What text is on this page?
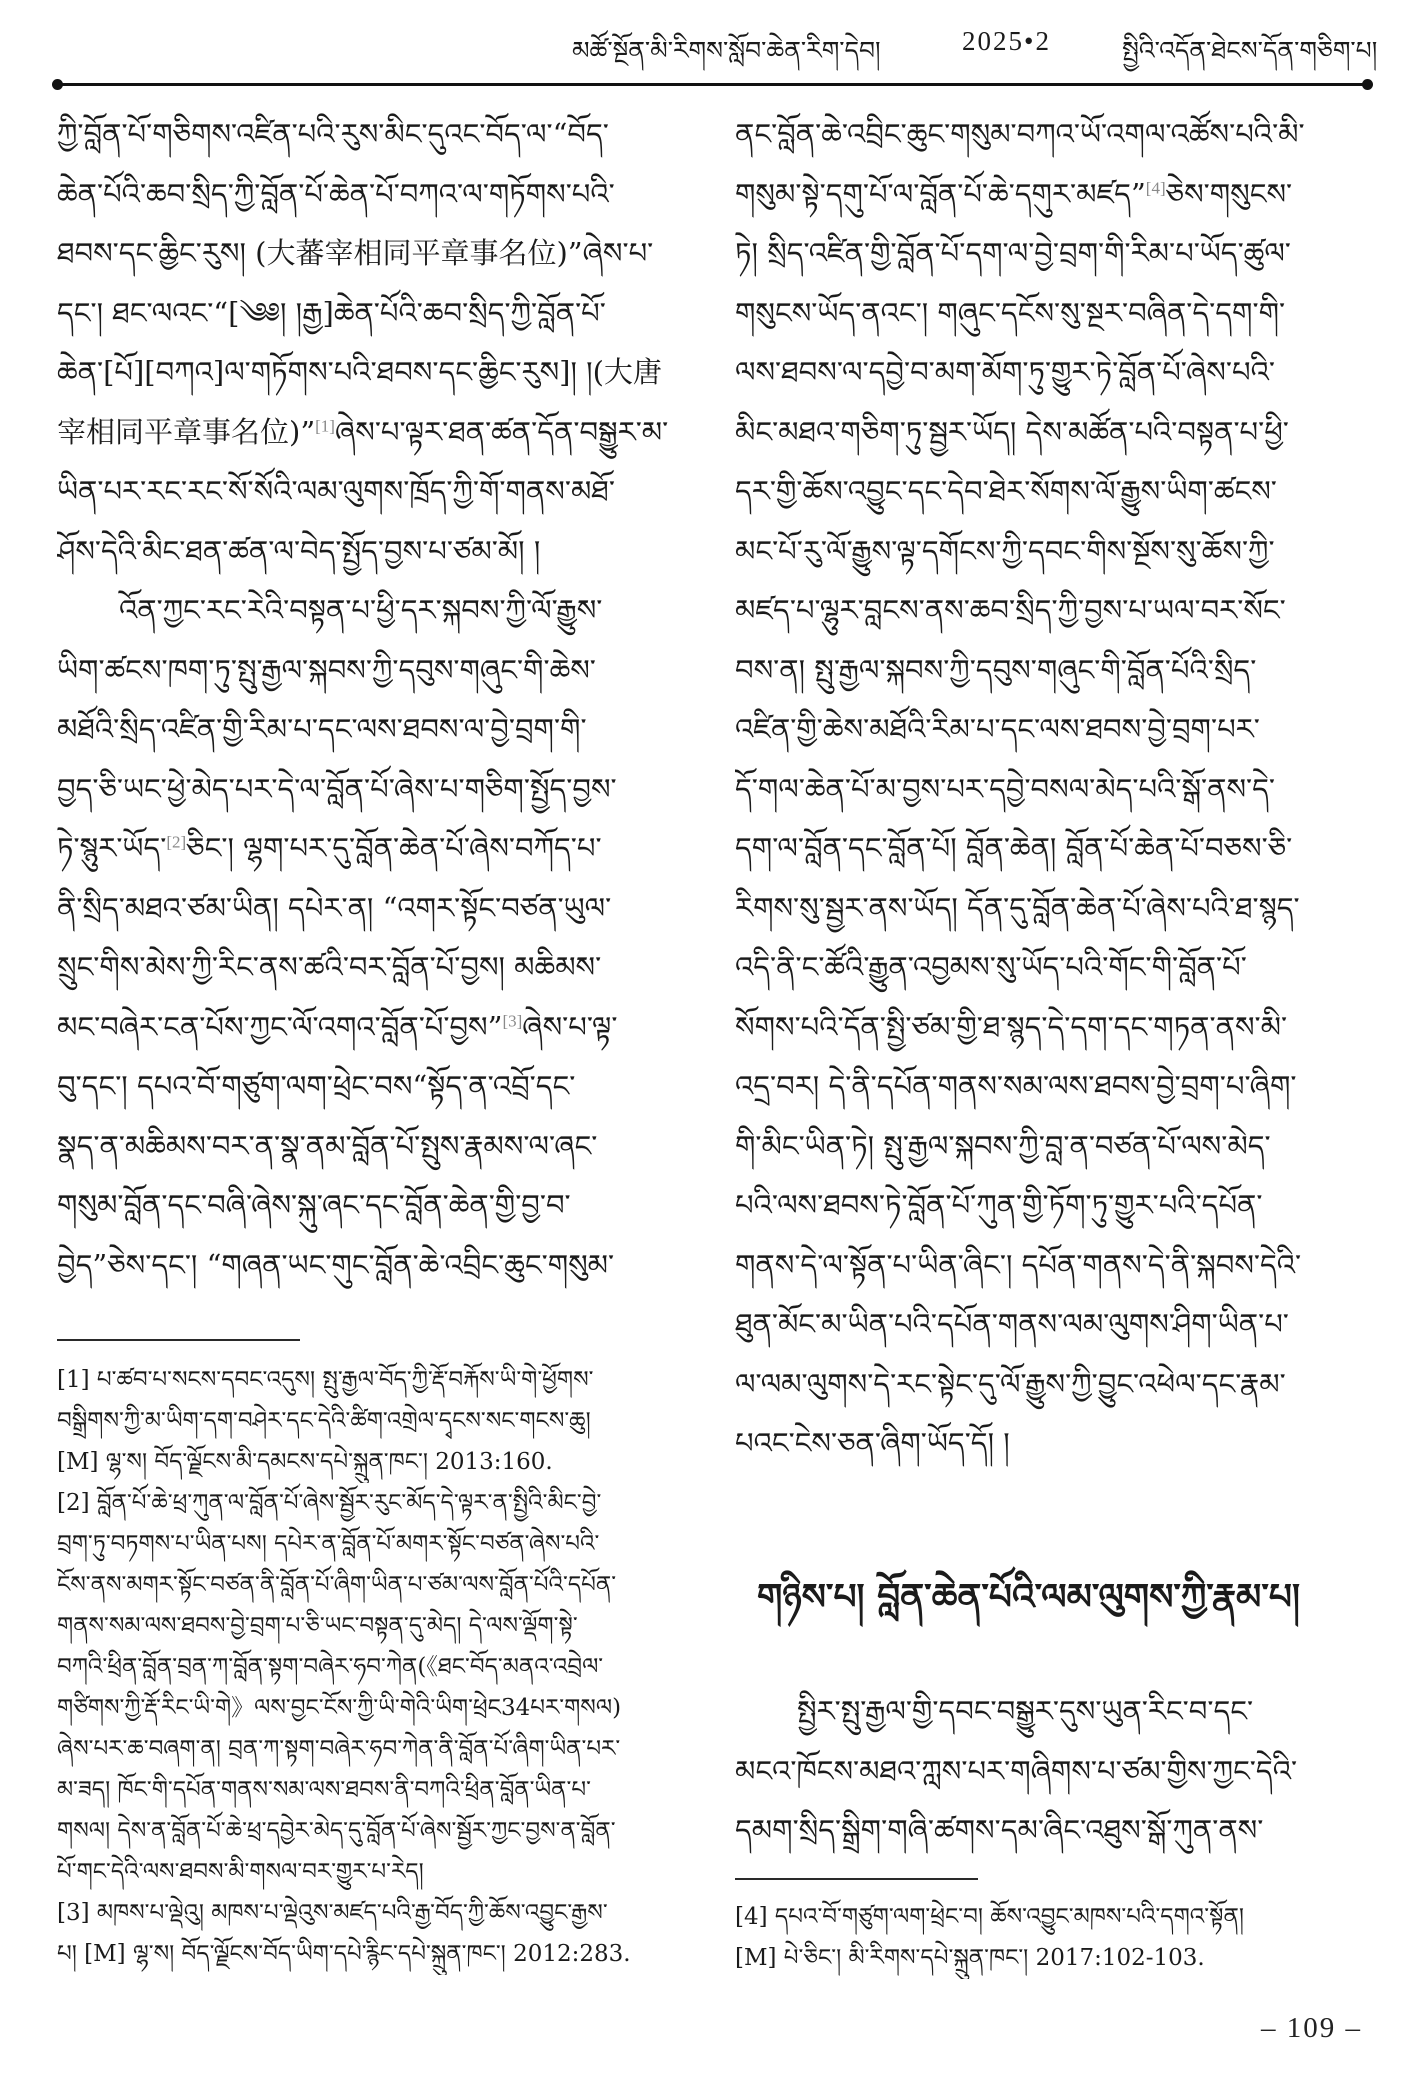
མཚོ་སྔོན་མི་རིགས་སློབ་ཆེན་རིག་དེབ།	2025•2	སྤྱིའི་འདོན་ཐེངས་དོན་གཅིག་པ།
ཀྱི་བློན་པོ་གཅིགས་འཛིན་པའི་རུས་མིང་དུའང་བོད་ལ་“བོད་
ཆེན་པོའི་ཆབ་སྲིད་ཀྱི་བློན་པོ་ཆེན་པོ་བཀའ་ལ་གཏོགས་པའི་
ཐབས་དང་ཆྱིང་རུས། (大蕃宰相同平章事名位)”ཞེས་པ་
དང་། ཐང་ལའང་“[༄༅། །རྒྱ]ཆེན་པོའི་ཆབ་སྲིད་ཀྱི་བློན་པོ་
ཆེན་[པོ][བཀའ]ལ་གཏོགས་པའི་ཐབས་དང་ཆྱིང་རུས]། །(大唐
宰相同平章事名位)”[1]ཞེས་པ་ལྟར་ཐན་ཚན་དོན་བསྒྱུར་མ་
ཡིན་པར་རང་རང་སོ་སོའི་ལམ་ལུགས་ཁྲོད་ཀྱི་གོ་གནས་མཐོ་
ཤོས་དེའི་མིང་ཐན་ཚན་ལ་བེད་སྤྱོད་བྱས་པ་ཙམ་མོ། །
འོན་ཀྱང་རང་རེའི་བསྟན་པ་ཕྱི་དར་སྐབས་ཀྱི་ལོ་རྒྱུས་
ཡིག་ཚངས་ཁག་ཏུ་སྤུ་རྒྱལ་སྐབས་ཀྱི་དབུས་གཞུང་གི་ཆེས་
མཐོའི་སྲིད་འཛིན་གྱི་རིམ་པ་དང་ལས་ཐབས་ལ་བྱེ་བྲག་གི་
བྱད་ཅི་ཡང་ཕྱེ་མེད་པར་དེ་ལ་བློན་པོ་ཞེས་པ་གཅིག་སྤྱོད་བྱས་
ཏེ་སྙུར་ཡོད་[2]ཅིང་། ལྷག་པར་དུ་བློན་ཆེན་པོ་ཞེས་བཀོད་པ་
ནི་སྲིད་མཐའ་ཙམ་ཡིན། དཔེར་ན། “འགར་སྟོང་བཙན་ཡུལ་
སྲུང་གིས་མེས་ཀྱི་རིང་ནས་ཚའི་བར་བློན་པོ་བྱས། མཆིམས་
མང་བཞེར་ངན་པོས་ཀྱང་ལོ་འགའ་བློན་པོ་བྱས”[3]ཞེས་པ་ལྟ་
བུ་དང་། དཔའ་བོ་གཙུག་ལག་ཕྲེང་བས“སྟོད་ན་འབྲོ་དང་
སྣད་ན་མཆིམས་བར་ན་སྣ་ནམ་བློན་པོ་སྤུས་རྣམས་ལ་ཞང་
གསུམ་བློན་དང་བཞི་ཞེས་སྐུ་ཞང་དང་བློན་ཆེན་གྱི་བྱ་བ་
བྱེད”ཅེས་དང་། “གཞན་ཡང་གུང་བློན་ཆེ་འབྲིང་ཆུང་གསུམ་
ནང་བློན་ཆེ་འབྲིང་ཆུང་གསུམ་བཀའ་ཡོ་འགལ་འཚོས་པའི་མི་
གསུམ་སྟེ་དགུ་པོ་ལ་བློན་པོ་ཆེ་དགུར་མཛད”[4]ཅེས་གསུངས་
ཏེ། སྲིད་འཛིན་གྱི་བློན་པོ་དག་ལ་བྱེ་བྲག་གི་རིམ་པ་ཡོད་ཚུལ་
གསུངས་ཡོད་ནའང་། གཞུང་དངོས་སུ་སྔར་བཞིན་དེ་དག་གི་
ལས་ཐབས་ལ་དབྱེ་བ་མག་མོག་ཏུ་གྱུར་ཏེ་བློན་པོ་ཞེས་པའི་
མིང་མཐའ་གཅིག་ཏུ་སྦྱར་ཡོད། དེས་མཚོན་པའི་བསྟན་པ་ཕྱི་
དར་གྱི་ཆོས་འབྱུང་དང་དེབ་ཐེར་སོགས་ལོ་རྒྱུས་ཡིག་ཚངས་
མང་པོ་རུ་ལོ་རྒྱུས་ལྟ་དགོངས་ཀྱི་དབང་གིས་སྔོས་སུ་ཆོས་ཀྱི་
མཛད་པ་ལྷུར་བླངས་ནས་ཆབ་སྲིད་ཀྱི་བྱས་པ་ཡལ་བར་སོང་
བས་ན། སྤུ་རྒྱལ་སྐབས་ཀྱི་དབུས་གཞུང་གི་བློན་པོའི་སྲིད་
འཛིན་གྱི་ཆེས་མཐོའི་རིམ་པ་དང་ལས་ཐབས་བྱེ་བྲག་པར་
དོ་གལ་ཆེན་པོ་མ་བྱས་པར་དབྱེ་བསལ་མེད་པའི་སྒོ་ནས་དེ་
དག་ལ་བློན་དང་བློན་པོ། བློན་ཆེན། བློན་པོ་ཆེན་པོ་བཅས་ཅི་
རིགས་སུ་སྦྱར་ནས་ཡོད། དོན་དུ་བློན་ཆེན་པོ་ཞེས་པའི་ཐ་སྙད་
འདི་ནི་ང་ཚོའི་རྒྱུན་འབྱམས་སུ་ཡོད་པའི་གོང་གི་བློན་པོ་
སོགས་པའི་དོན་སྤྱི་ཙམ་གྱི་ཐ་སྙད་དེ་དག་དང་གཏན་ནས་མི་
འདྲ་བར། དེ་ནི་དཔོན་གནས་སམ་ལས་ཐབས་བྱེ་བྲག་པ་ཞིག་
གི་མིང་ཡིན་ཏེ། སྤུ་རྒྱལ་སྐབས་ཀྱི་བླ་ན་བཙན་པོ་ལས་མེད་
པའི་ལས་ཐབས་ཏེ་བློན་པོ་ཀུན་གྱི་ཏོག་ཏུ་གྱུར་པའི་དཔོན་
གནས་དེ་ལ་སྟོན་པ་ཡིན་ཞིང་། དཔོན་གནས་དེ་ནི་སྐབས་དེའི་
ཐུན་མོང་མ་ཡིན་པའི་དཔོན་གནས་ལམ་ལུགས་ཤིག་ཡིན་པ་
ལ་ལམ་ལུགས་དེ་རང་སྟེང་དུ་ལོ་རྒྱུས་ཀྱི་བྱུང་འཕེལ་དང་རྣམ་
པའང་ངེས་ཅན་ཞིག་ཡོད་དོ། །
གཉིས་པ། བློན་ཆེན་པོའི་ལམ་ལུགས་ཀྱི་རྣམ་པ།
སྤྱིར་སྤུ་རྒྱལ་གྱི་དབང་བསྒྱུར་དུས་ཡུན་རིང་བ་དང་
མངའ་ཁོངས་མཐའ་ཀླས་པར་གཞིགས་པ་ཙམ་གྱིས་ཀྱང་དེའི་
དམག་སྲིད་སྒྲིག་གཞི་ཚགས་དམ་ཞིང་འཐུས་སྒོ་ཀུན་ནས་
[1] པ་ཚབ་པ་སངས་དབང་འདུས། སྤུ་རྒྱལ་བོད་ཀྱི་རྡོ་བརྐོས་ཡི་གེ་ཕྱོགས་
བསྒྲིགས་ཀྱི་མ་ཡིག་དག་བཤེར་དང་དེའི་ཚིག་འགྲེལ་དྭངས་སང་གངས་ཆུ།
[M] ལྷ་ས། བོད་ལྗོངས་མི་དམངས་དཔེ་སྐྲུན་ཁང་། 2013:160.
[2] བློན་པོ་ཆེ་ཕྲ་ཀུན་ལ་བློན་པོ་ཞེས་སྦྱོར་རུང་མོད་དེ་ལྟར་ན་སྤྱིའི་མིང་བྱེ་
བྲག་ཏུ་བཏགས་པ་ཡིན་པས། དཔེར་ན་བློན་པོ་མགར་སྟོང་བཙན་ཞེས་པའི་
ངོས་ནས་མགར་སྟོང་བཙན་ནི་བློན་པོ་ཞིག་ཡིན་པ་ཙམ་ལས་བློན་པོའི་དཔོན་
གནས་སམ་ལས་ཐབས་བྱེ་བྲག་པ་ཅི་ཡང་བསྟན་དུ་མེད། དེ་ལས་ལྡོག་སྟེ་
བཀའི་ཕྲིན་བློན་བྲན་ཀ་བློན་སྟག་བཞེར་ཧབ་ཀེན(《ཐང་བོད་མནའ་འབྲེལ་
གཙིགས་ཀྱི་རྡོ་རིང་ཡི་གེ》ལས་བྱང་ངོས་ཀྱི་ཡི་གེའི་ཡིག་ཕྲེང34པར་གསལ)
ཞེས་པར་ཆ་བཞག་ན། བྲན་ཀ་སྟག་བཞེར་ཧབ་ཀེན་ནི་བློན་པོ་ཞིག་ཡིན་པར་
མ་ཟད། ཁོང་གི་དཔོན་གནས་སམ་ལས་ཐབས་ནི་བཀའི་ཕྲིན་བློན་ཡིན་པ་
གསལ། དེས་ན་བློན་པོ་ཆེ་ཕྲ་དབྱེར་མེད་དུ་བློན་པོ་ཞེས་སྦྱོར་ཀྱང་བྱས་ན་བློན་
པོ་གང་དེའི་ལས་ཐབས་མི་གསལ་བར་གྱུར་པ་རེད།
[3] མཁས་པ་ལྡེའུ། མཁས་པ་ལྡེའུས་མཛད་པའི་རྒྱ་བོད་ཀྱི་ཆོས་འབྱུང་རྒྱས་
པ། [M] ལྷ་ས། བོད་ལྗོངས་བོད་ཡིག་དཔེ་རྙིང་དཔེ་སྐྲུན་ཁང་། 2012:283.
[4] དཔའ་བོ་གཙུག་ལག་ཕྲེང་བ། ཆོས་འབྱུང་མཁས་པའི་དགའ་སྟོན།
[M] པེ་ཅིང་། མི་རིགས་དཔེ་སྐྲུན་ཁང་། 2017:102-103.
– 109 –
